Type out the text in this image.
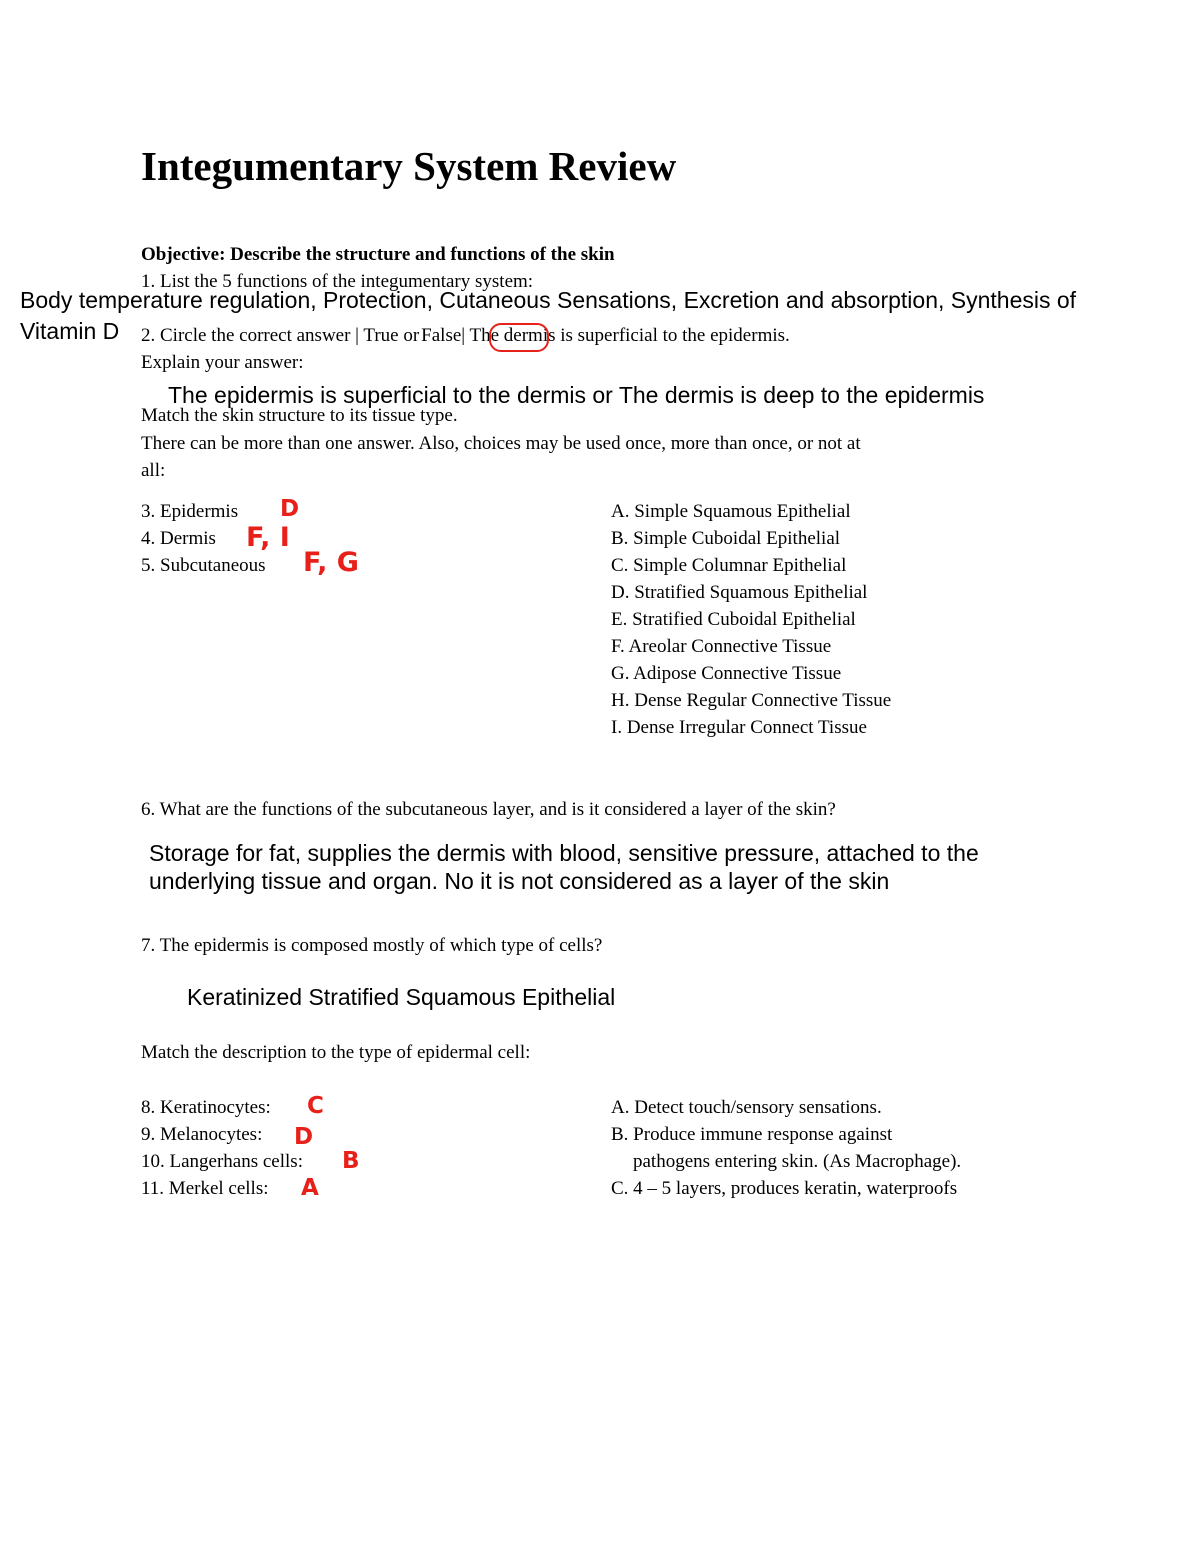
Integumentary System Review
Objective: Describe the structure and functions of the skin
1. List the 5 functions of the integumentary system:
Body temperature regulation, Protection, Cutaneous Sensations, Excretion and absorption, Synthesis of
Vitamin D 2. Circle the correct answer | True or False| The dermis is superficial to the epidermis.
Explain your answer:
The epidermis is superficial to the dermis or The dermis is deep to the epidermis
Match the skin structure to its tissue type.
There can be more than one answer. Also, choices may be used once, more than once, or not at
all:
3. Epidermis
4. Dermis
5. Subcutaneous
D
F, I
F, G
A. Simple Squamous Epithelial
B. Simple Cuboidal Epithelial
C. Simple Columnar Epithelial
D. Stratified Squamous Epithelial
E. Stratified Cuboidal Epithelial
F. Areolar Connective Tissue
G. Adipose Connective Tissue
H. Dense Regular Connective Tissue
I. Dense Irregular Connect Tissue
6. What are the functions of the subcutaneous layer, and is it considered a layer of the skin?
Storage for fat, supplies the dermis with blood, sensitive pressure, attached to the
underlying tissue and organ. No it is not considered as a layer of the skin
7. The epidermis is composed mostly of which type of cells?
Keratinized Stratified Squamous Epithelial
Match the description to the type of epidermal cell:
8. Keratinocytes:
9. Melanocytes:
10. Langerhans cells:
11. Merkel cells:
C
D
B
A
A. Detect touch/sensory sensations.
B. Produce immune response against
pathogens entering skin. (As Macrophage).
C. 4 – 5 layers, produces keratin, waterproofs
